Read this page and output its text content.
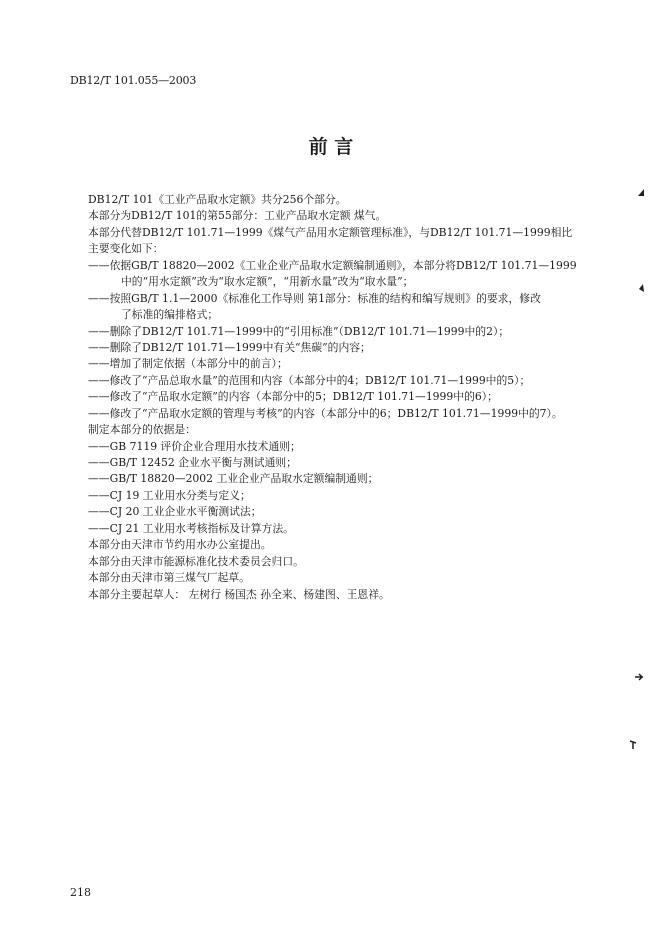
DB12/T 101.055—2003
前 言
DB12/T 101《工业产品取水定额》共分256个部分。
本部分为DB12/T 101的第55部分：工业产品取水定额 煤气。
本部分代替DB12/T 101.71—1999《煤气产品用水定额管理标准》，与DB12/T 101.71—1999相比
主要变化如下：
——依据GB/T 18820—2002《工业企业产品取水定额编制通则》，本部分将DB12/T 101.71—1999
中的“用水定额”改为“取水定额”，“用新水量”改为“取水量”；
——按照GB/T 1.1—2000《标准化工作导则 第1部分：标准的结构和编写规则》的要求，修改
了标准的编排格式；
——删除了DB12/T 101.71—1999中的“引用标准”（DB12/T 101.71—1999中的2）；
——删除了DB12/T 101.71—1999中有关“焦碳”的内容；
——增加了制定依据（本部分中的前言）；
——修改了“产品总取水量”的范围和内容（本部分中的4；DB12/T 101.71—1999中的5）；
——修改了“产品取水定额”的内容（本部分中的5；DB12/T 101.71—1999中的6）；
——修改了“产品取水定额的管理与考核”的内容（本部分中的6；DB12/T 101.71—1999中的7）。
制定本部分的依据是：
——GB 7119 评价企业合理用水技术通则；
——GB/T 12452 企业水平衡与测试通则；
——GB/T 18820—2002 工业企业产品取水定额编制通则；
——CJ 19 工业用水分类与定义；
——CJ 20 工业企业水平衡测试法；
——CJ 21 工业用水考核指标及计算方法。
本部分由天津市节约用水办公室提出。
本部分由天津市能源标准化技术委员会归口。
本部分由天津市第三煤气厂起草。
本部分主要起草人： 左树行 杨国杰 孙全来、杨建图、王恩祥。
218
